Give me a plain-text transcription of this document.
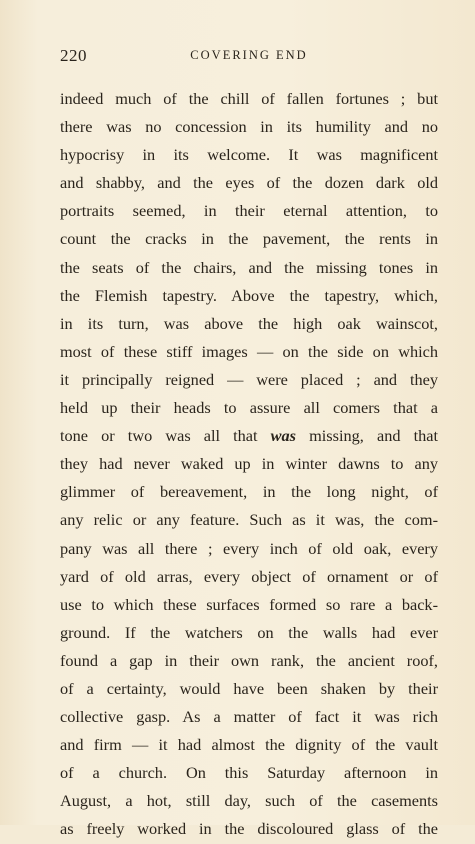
220	COVERING END
indeed much of the chill of fallen fortunes ; but
there was no concession in its humility and no
hypocrisy in its welcome. It was magnificent
and shabby, and the eyes of the dozen dark old
portraits seemed, in their eternal attention, to
count the cracks in the pavement, the rents in
the seats of the chairs, and the missing tones in
the Flemish tapestry. Above the tapestry, which,
in its turn, was above the high oak wainscot,
most of these stiff images — on the side on which
it principally reigned — were placed ; and they
held up their heads to assure all comers that a
tone or two was all that was missing, and that
they had never waked up in winter dawns to any
glimmer of bereavement, in the long night, of
any relic or any feature. Such as it was, the com-
pany was all there ; every inch of old oak, every
yard of old arras, every object of ornament or of
use to which these surfaces formed so rare a back-
ground. If the watchers on the walls had ever
found a gap in their own rank, the ancient roof,
of a certainty, would have been shaken by their
collective gasp. As a matter of fact it was rich
and firm — it had almost the dignity of the vault
of a church. On this Saturday afternoon in
August, a hot, still day, such of the casements
as freely worked in the discoloured glass of the
